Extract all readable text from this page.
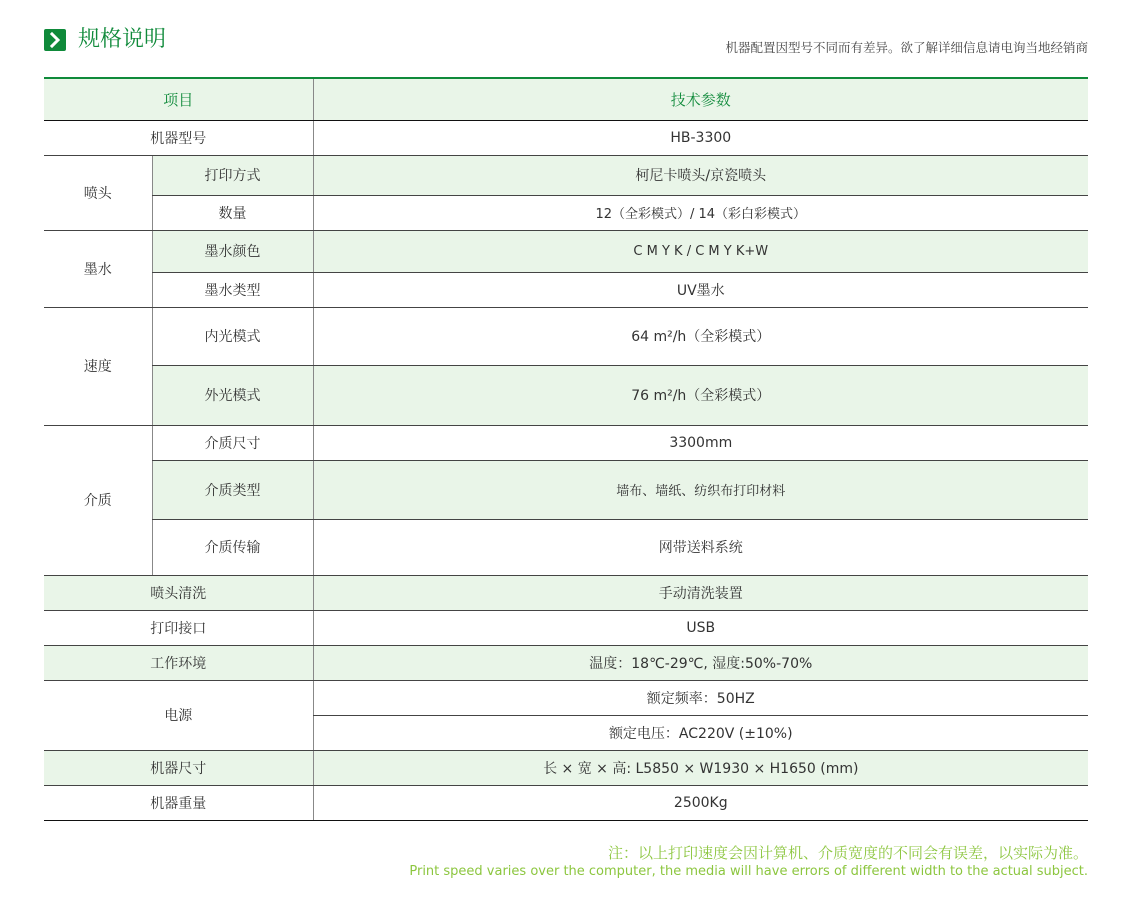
规格说明	机器配置因型号不同而有差异。欲了解详细信息请电询当地经销商
项目		技术参数
机器型号		HB-3300
喷头	打印方式	柯尼卡喷头/京瓷喷头
	数量	12（全彩模式）/ 14（彩白彩模式）
墨水	墨水颜色	C M Y K / C M Y K+W
	墨水类型	UV墨水
速度	内光模式	64 m²/h（全彩模式）
	外光模式	76 m²/h（全彩模式）
介质	介质尺寸	3300mm
	介质类型	墙布、墙纸、纺织布打印材料
	介质传输	网带送料系统
喷头清洗		手动清洗装置
打印接口		USB
工作环境		温度：18℃-29℃, 湿度:50%-70%
电源		额定频率：50HZ
		额定电压：AC220V (±10%)
机器尺寸		长 × 宽 × 高: L5850 × W1930 × H1650 (mm)
机器重量		2500Kg
注：以上打印速度会因计算机、介质宽度的不同会有误差，以实际为准。
Print speed varies over the computer, the media will have errors of different width to the actual subject.
